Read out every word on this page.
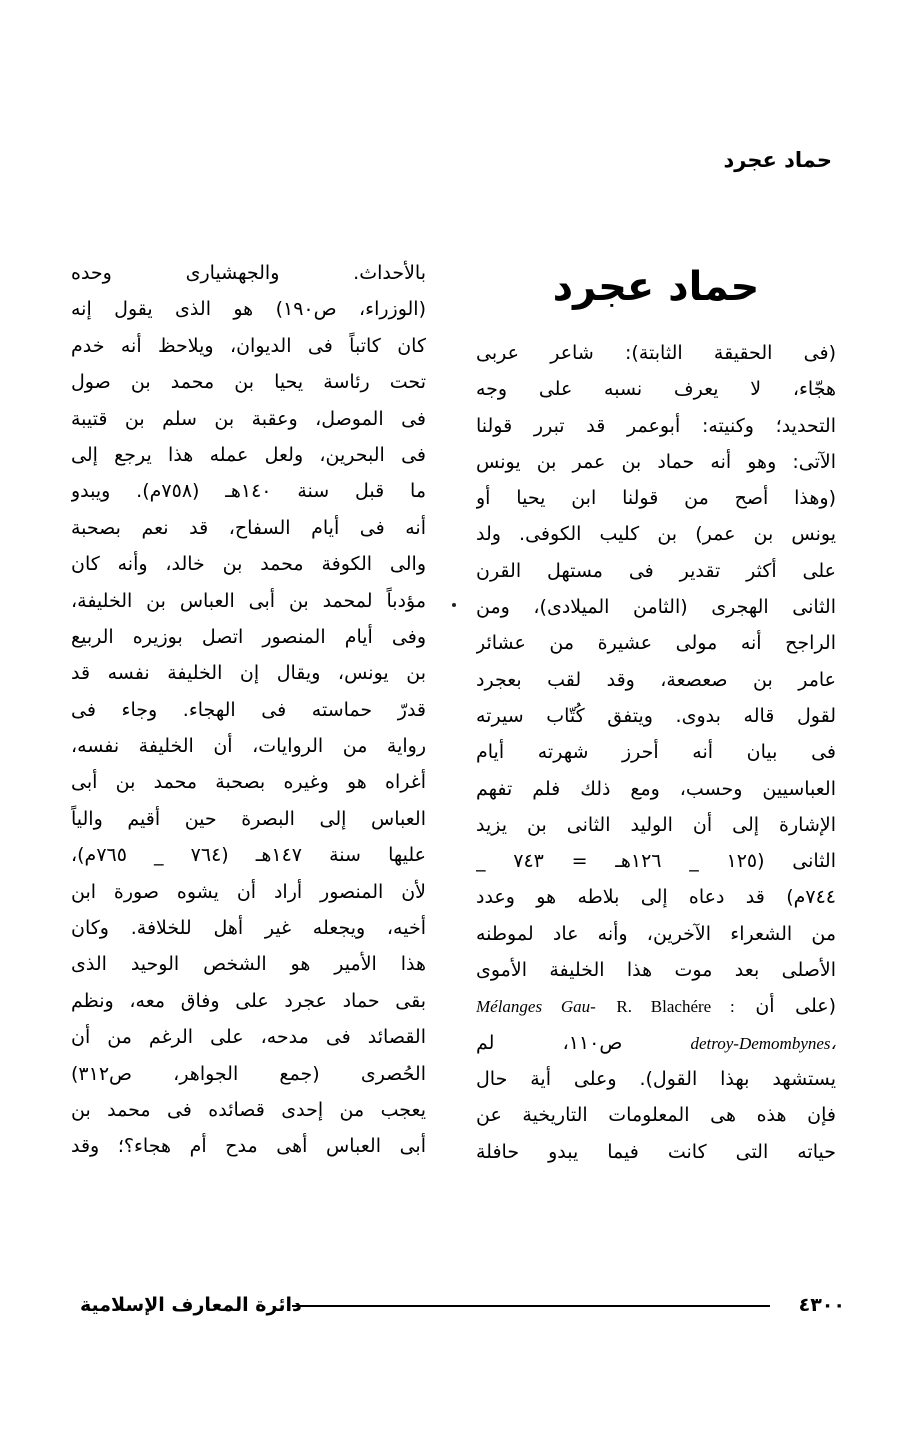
حماد عجرد
حماد عجرد
(فى الحقيقة الثابتة): شاعر عربى
هجّاء، لا يعرف نسبه على وجه
التحديد؛ وكنيته: أبوعمر قد تبرر قولنا
الآتى: وهو أنه حماد بن عمر بن يونس
(وهذا أصح من قولنا ابن يحيا أو
يونس بن عمر) بن كليب الكوفى. ولد
على أكثر تقدير فى مستهل القرن
الثانى الهجرى (الثامن الميلادى)، ومن
الراجح أنه مولى عشيرة من عشائر
عامر بن صعصعة، وقد لقب بعجرد
لقول قاله بدوى. ويتفق كُتّاب سيرته
فى بيان أنه أحرز شهرته أيام
العباسيين وحسب، ومع ذلك فلم تفهم
الإشارة إلى أن الوليد الثانى بن يزيد
الثانى (١٢٥ _ ١٢٦هـ = ٧٤٣ _
٧٤٤م) قد دعاه إلى بلاطه هو وعدد
من الشعراء الآخرين، وأنه عاد لموطنه
الأصلى بعد موت هذا الخليفة الأموى
(على أن R. Blachére : Mélanges Gau-
detroy-Demombynes، ص١١٠، لم
يستشهد بهذا القول). وعلى أية حال
فإن هذه هى المعلومات التاريخية عن
حياته التى كانت فيما يبدو حافلة
بالأحداث. والجهشيارى وحده
(الوزراء، ص١٩٠) هو الذى يقول إنه
كان كاتباً فى الديوان، ويلاحظ أنه خدم
تحت رئاسة يحيا بن محمد بن صول
فى الموصل، وعقبة بن سلم بن قتيبة
فى البحرين، ولعل عمله هذا يرجع إلى
ما قبل سنة ١٤٠هـ (٧٥٨م). ويبدو
أنه فى أيام السفاح، قد نعم بصحبة
والى الكوفة محمد بن خالد، وأنه كان
مؤدباً لمحمد بن أبى العباس بن الخليفة،
وفى أيام المنصور اتصل بوزيره الربيع
بن يونس، ويقال إن الخليفة نفسه قد
قدرّ حماسته فى الهجاء. وجاء فى
رواية من الروايات، أن الخليفة نفسه،
أغراه هو وغيره بصحبة محمد بن أبى
العباس إلى البصرة حين أقيم والياً
عليها سنة ١٤٧هـ (٧٦٤ _ ٧٦٥م)،
لأن المنصور أراد أن يشوه صورة ابن
أخيه، ويجعله غير أهل للخلافة. وكان
هذا الأمير هو الشخص الوحيد الذى
بقى حماد عجرد على وفاق معه، ونظم
القصائد فى مدحه، على الرغم من أن
الحُصرى (جمع الجواهر، ص٣١٢)
يعجب من إحدى قصائده فى محمد بن
أبى العباس أهى مدح أم هجاء؟؛ وقد
٤٣٠٠
دائرة المعارف الإسلامية
